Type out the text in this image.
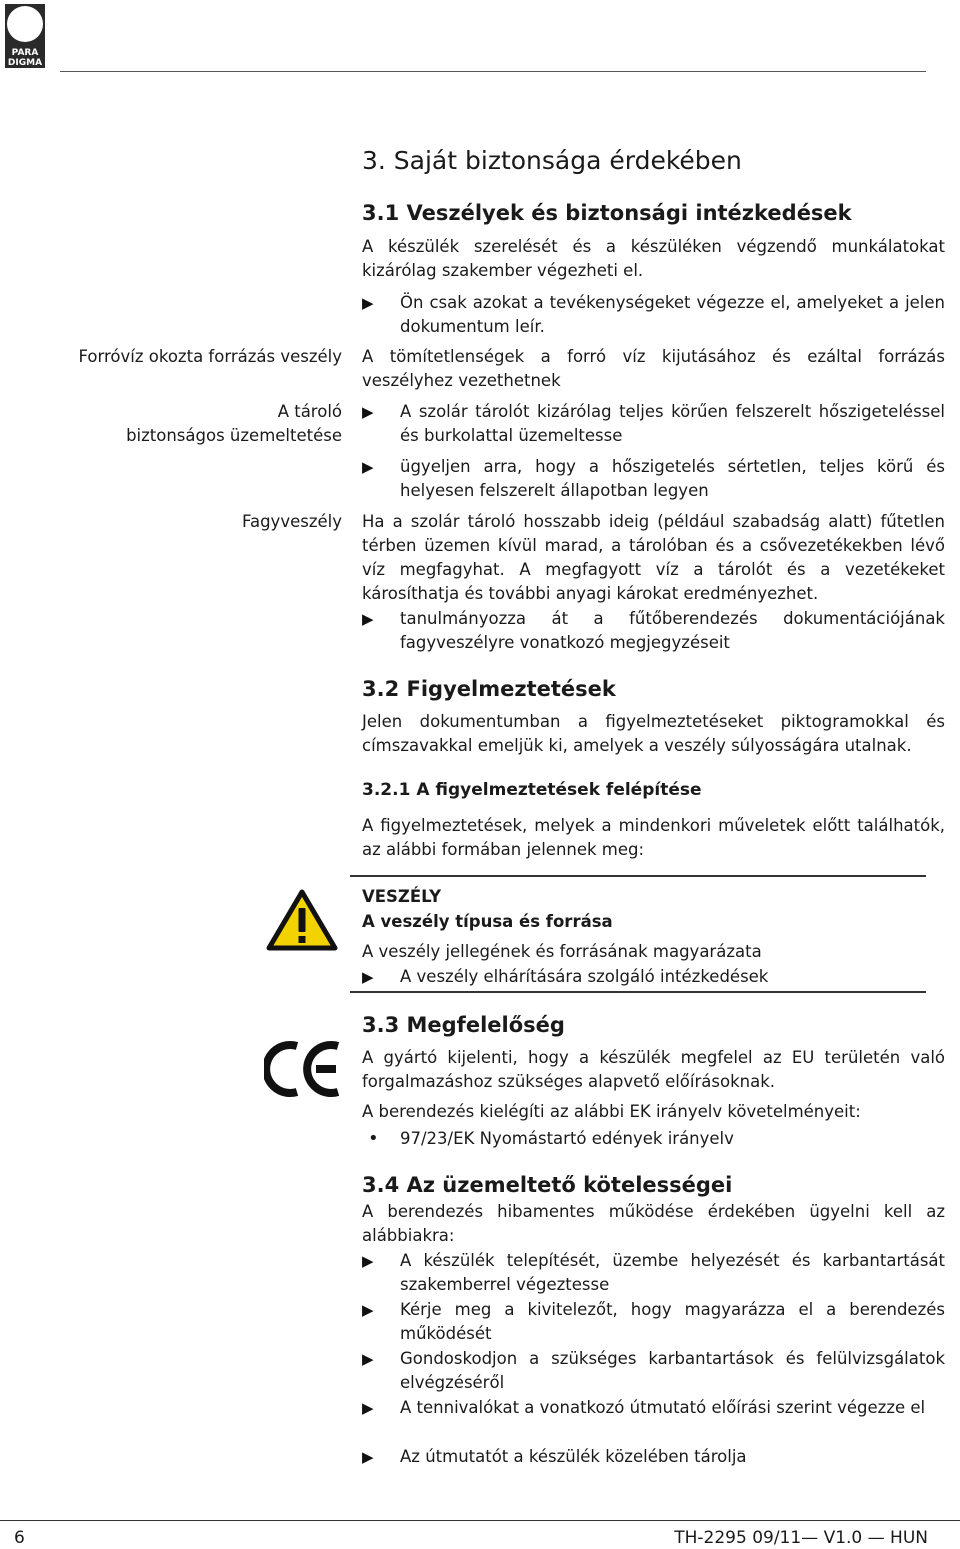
PARA
DIGMA
3. Saját biztonsága érdekében
3.1 Veszélyek és biztonsági intézkedések
A készülék szerelését és a készüléken végzendő munkálatokat kizárólag szakember végezheti el.
▶ Ön csak azokat a tevékenységeket végezze el, amelyeket a jelen dokumentum leír.
Forróvíz okozta forrázás veszély
A tároló
biztonságos üzemeltetése
Fagyveszély
A tömítetlenségek a forró víz kijutásához és ezáltal forrázás veszélyhez vezethetnek
▶ A szolár tárolót kizárólag teljes körűen felszerelt hőszigeteléssel és burkolattal üzemeltesse
▶ ügyeljen arra, hogy a hőszigetelés sértetlen, teljes körű és helyesen felszerelt állapotban legyen
Ha a szolár tároló hosszabb ideig (például szabadság alatt) fűtetlen térben üzemen kívül marad, a tárolóban és a csővezetékekben lévő víz megfagyhat. A megfagyott víz a tárolót és a vezetékeket károsíthatja és további anyagi károkat eredményezhet.
▶ tanulmányozza át a fűtőberendezés dokumentációjának fagyveszélyre vonatkozó megjegyzéseit
3.2 Figyelmeztetések
Jelen dokumentumban a figyelmeztetéseket piktogramokkal és címszavakkal emeljük ki, amelyek a veszély súlyosságára utalnak.
3.2.1 A figyelmeztetések felépítése
A figyelmeztetések, melyek a mindenkori műveletek előtt találhatók, az alábbi formában jelennek meg:
VESZÉLY
A veszély típusa és forrása
A veszély jellegének és forrásának magyarázata
▶ A veszély elhárítására szolgáló intézkedések
3.3 Megfelelőség
A gyártó kijelenti, hogy a készülék megfelel az EU területén való forgalmazáshoz szükséges alapvető előírásoknak.
A berendezés kielégíti az alábbi EK irányelv követelményeit:
• 97/23/EK Nyomástartó edények irányelv
3.4 Az üzemeltető kötelességei
A berendezés hibamentes működése érdekében ügyelni kell az alábbiakra:
▶ A készülék telepítését, üzembe helyezését és karbantartását szakemberrel végeztesse
▶ Kérje meg a kivitelezőt, hogy magyarázza el a berendezés működését
▶ Gondoskodjon a szükséges karbantartások és felülvizsgálatok elvégzéséről
▶ A tennivalókat a vonatkozó útmutató előírási szerint végezze el
▶ Az útmutatót a készülék közelében tárolja
6	TH-2295 09/11— V1.0 — HUN
